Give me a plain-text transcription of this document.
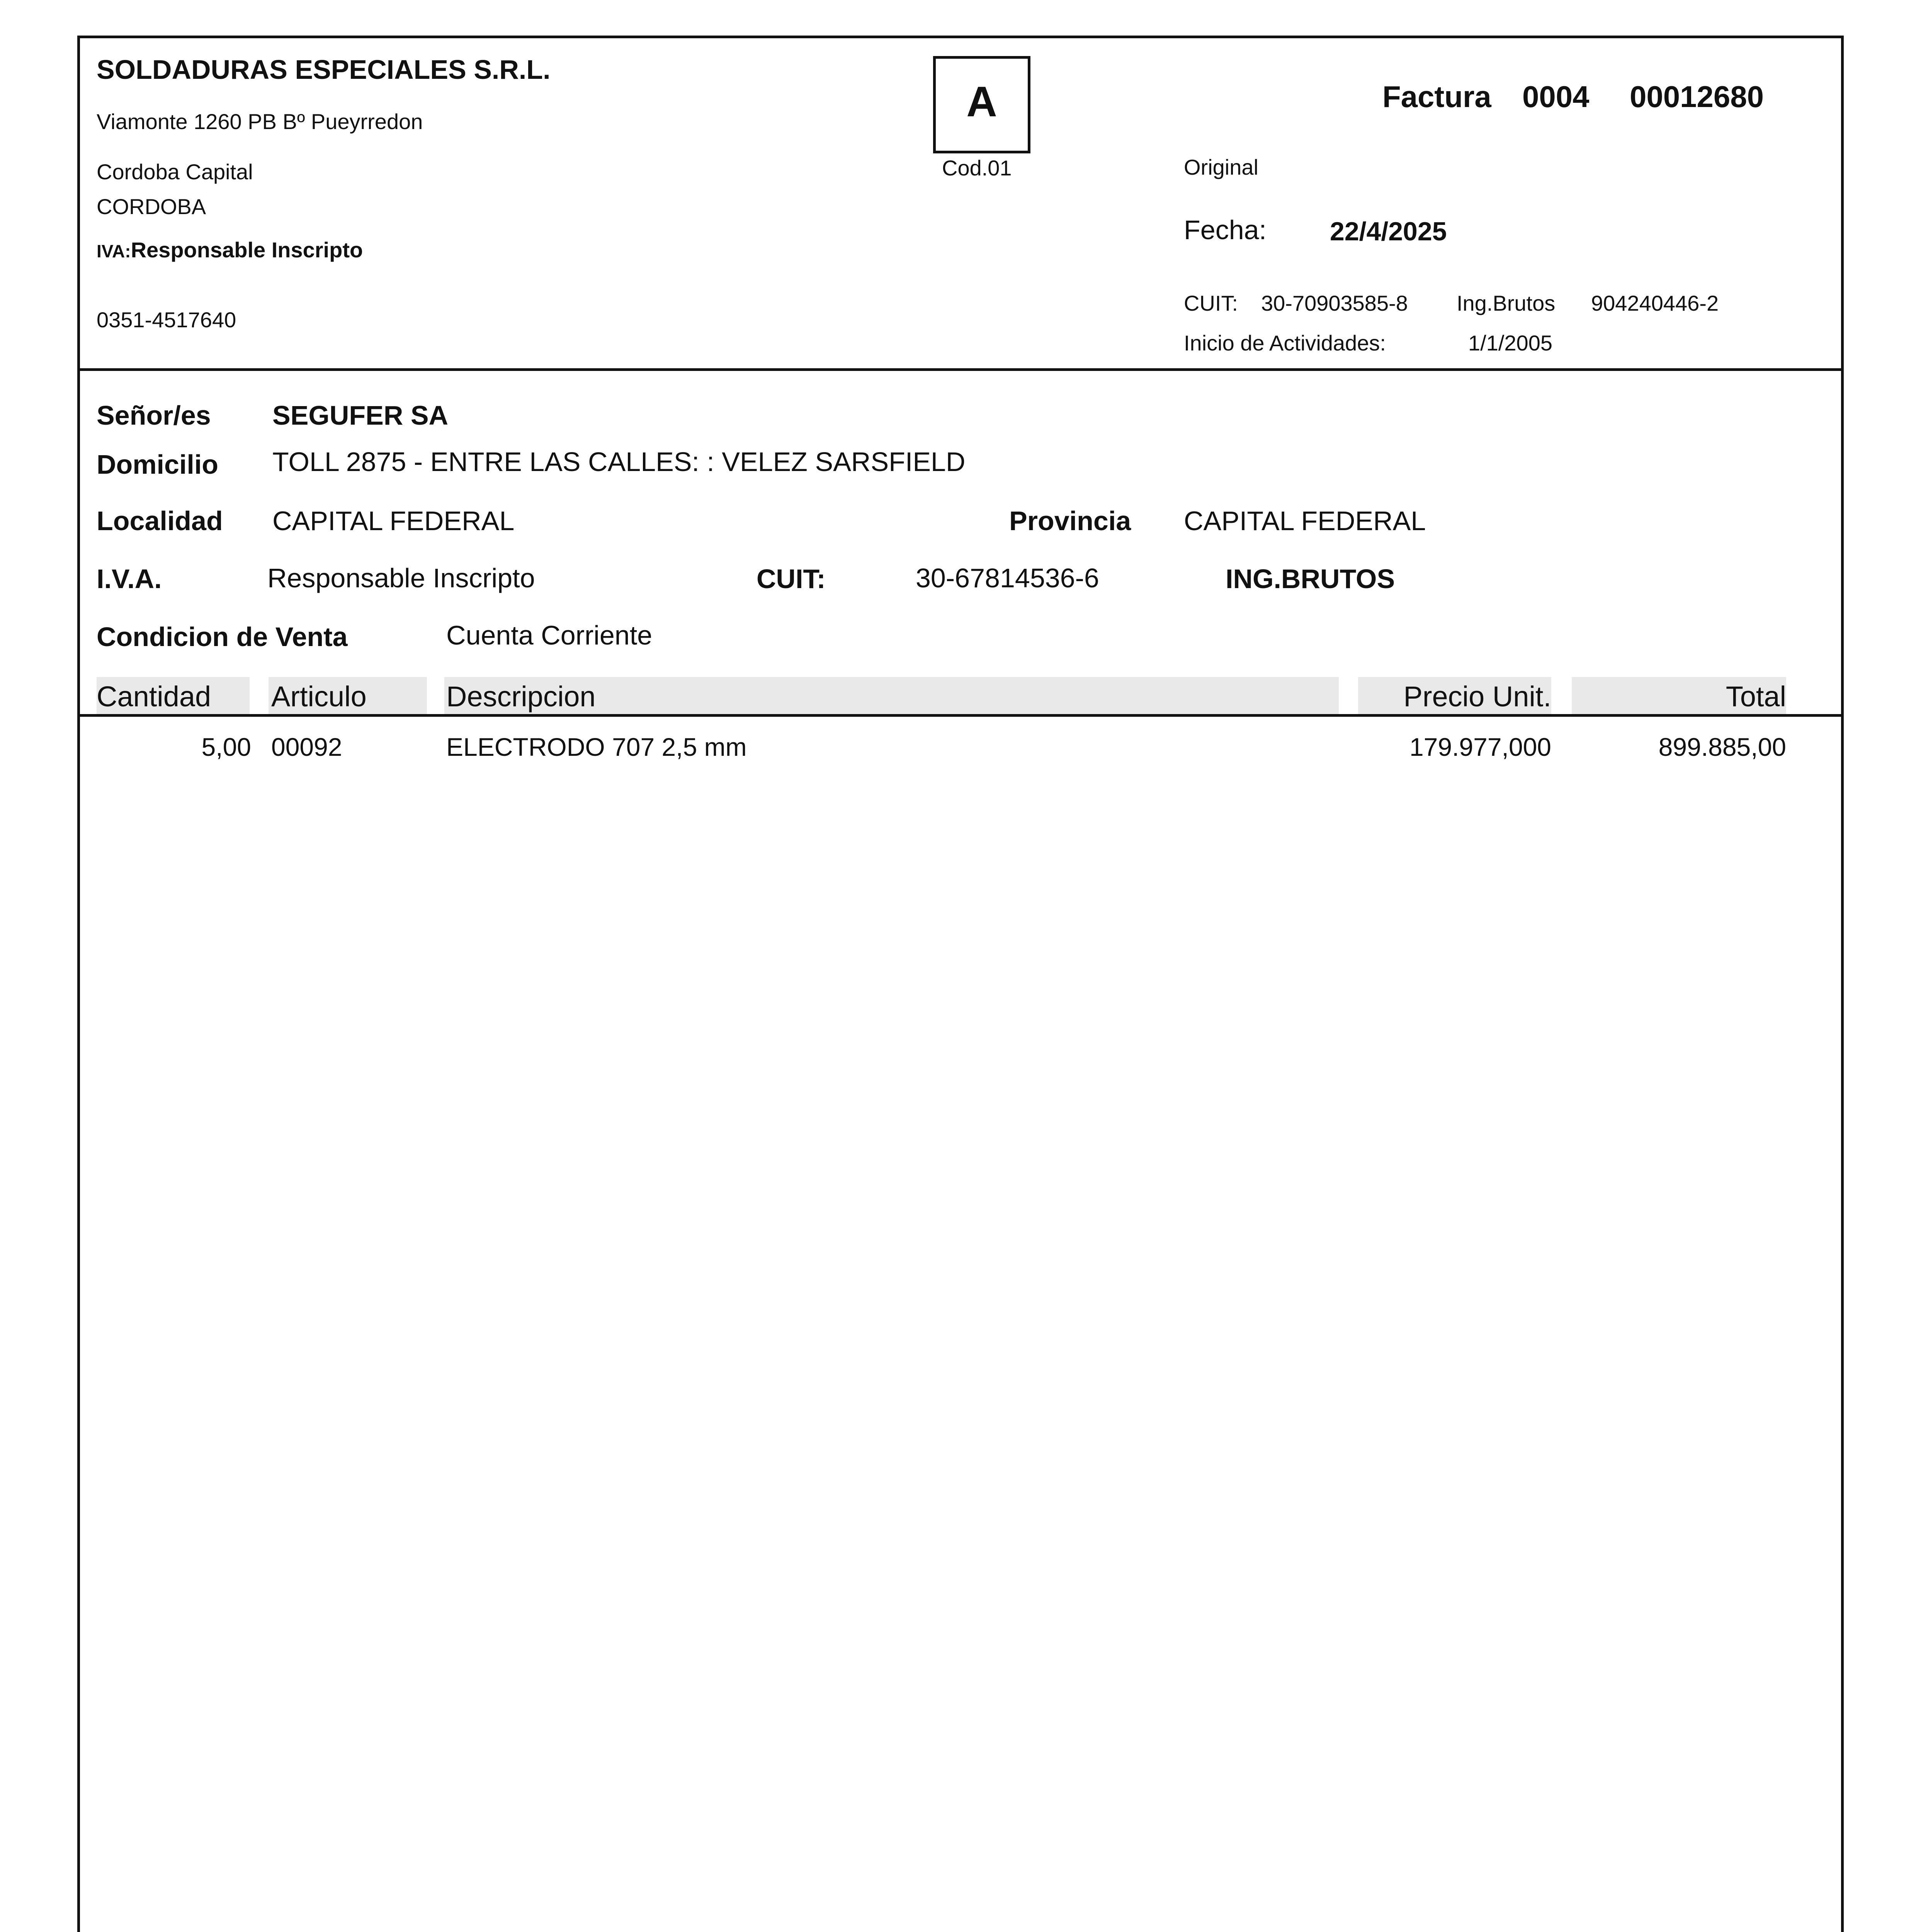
SOLDADURAS ESPECIALES S.R.L.
Viamonte 1260 PB Bº Pueyrredon
Cordoba Capital
CORDOBA
IVA:Responsable Inscripto
0351-4517640
A
Cod.01
Factura 0004 00012680
Original
Fecha: 22/4/2025
CUIT: 30-70903585-8 Ing.Brutos 904240446-2
Inicio de Actividades:	1/1/2005
Señor/es SEGUFER SA
Domicilio TOLL 2875 - ENTRE LAS CALLES: : VELEZ SARSFIELD
Localidad CAPITAL FEDERAL	Provincia CAPITAL FEDERAL
I.V.A.	Responsable Inscripto	CUIT:	30-67814536-6	ING.BRUTOS
Condicion de Venta	Cuenta Corriente
Cantidad Articulo	Descripcion	Precio Unit.	Total
5,00 00092	ELECTRODO 707 2,5 mm	179.977,000	899.885,00
